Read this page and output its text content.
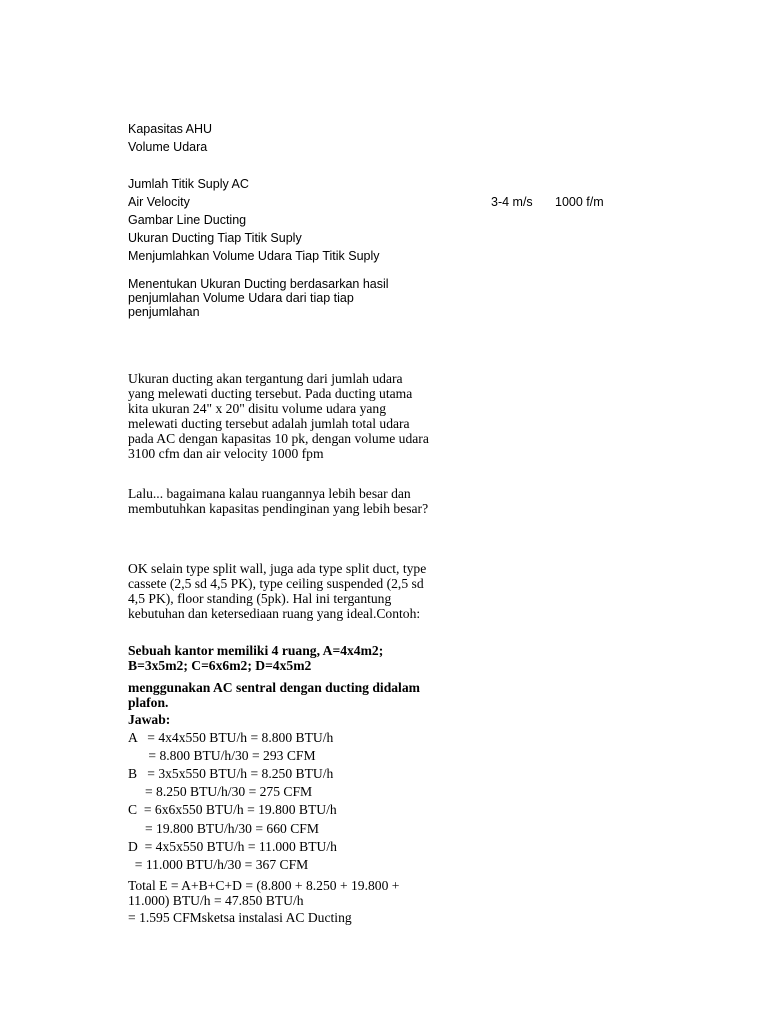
Kapasitas AHU

Volume Udara

Jumlah Titik Suply AC

Air Velocity	3-4 m/s 1000 f/m

Gambar Line Ducting

Ukuran Ducting Tiap Titik Suply

Menjumlahkan Volume Udara Tiap Titik Suply

Menentukan Ukuran Ducting berdasarkan hasil penjumlahan Volume Udara dari tiap tiap penjumlahan

Ukuran ducting akan tergantung dari jumlah udara yang melewati ducting tersebut. Pada ducting utama kita ukuran 24" x 20" disitu volume udara yang melewati ducting tersebut adalah jumlah total udara pada AC dengan kapasitas 10 pk, dengan volume udara 3100 cfm dan air velocity 1000 fpm

Lalu... bagaimana kalau ruangannya lebih besar dan membutuhkan kapasitas pendinginan yang lebih besar?

OK selain type split wall, juga ada type split duct, type cassete (2,5 sd 4,5 PK), type ceiling suspended (2,5 sd 4,5 PK), floor standing (5pk). Hal ini tergantung kebutuhan dan ketersediaan ruang yang ideal.Contoh:

Sebuah kantor memiliki 4 ruang, A=4x4m2; B=3x5m2; C=6x6m2; D=4x5m2

menggunakan AC sentral dengan ducting didalam plafon.

Jawab:

A   = 4x4x550 BTU/h = 8.800 BTU/h

= 8.800 BTU/h/30 = 293 CFM

B   = 3x5x550 BTU/h = 8.250 BTU/h

= 8.250 BTU/h/30 = 275 CFM

C  = 6x6x550 BTU/h = 19.800 BTU/h

= 19.800 BTU/h/30 = 660 CFM

D  = 4x5x550 BTU/h = 11.000 BTU/h

= 11.000 BTU/h/30 = 367 CFM

Total E = A+B+C+D = (8.800 + 8.250 + 19.800 + 11.000) BTU/h = 47.850 BTU/h

= 1.595 CFMsketsa instalasi AC Ducting
